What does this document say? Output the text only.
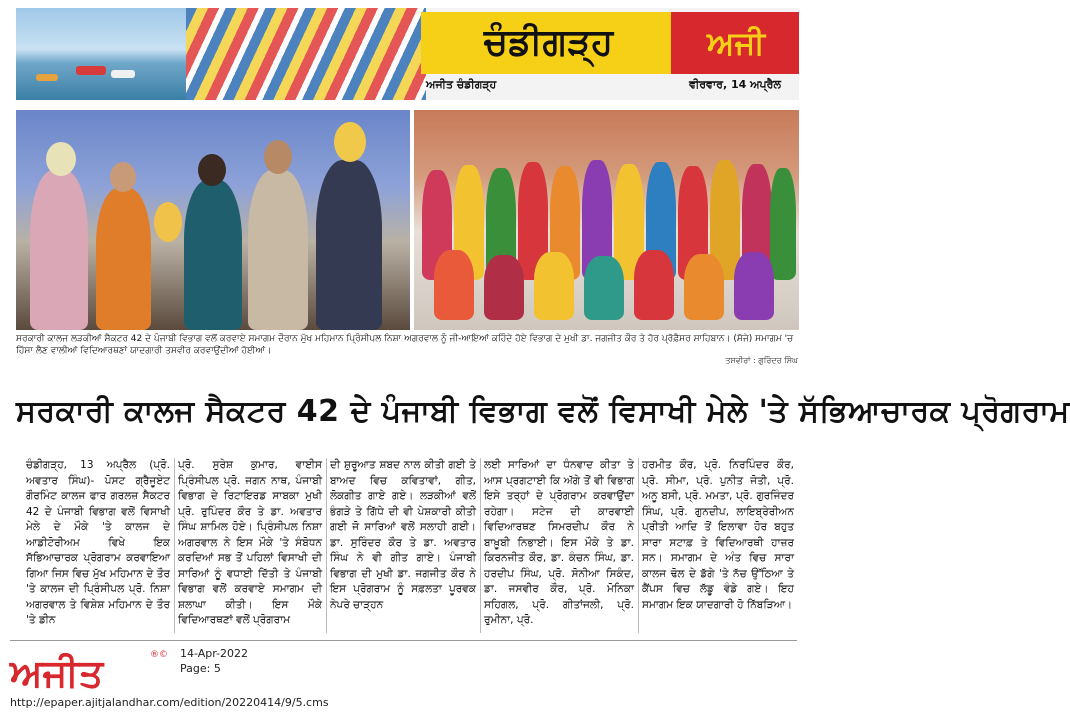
ਚੰਡੀਗੜ੍ਹ
ਅਜੀਤ ਚੰਡੀਗੜ੍ਹ
ਅਜੀ
ਵੀਰਵਾਰ, 14 ਅਪ੍ਰੈਲ
ਸਰਕਾਰੀ ਕਾਲਜ ਲੜਕੀਆਂ ਸੈਕਟਰ 42 ਦੇ ਪੰਜਾਬੀ ਵਿਭਾਗ ਵਲੋਂ ਕਰਵਾਏ ਸਮਾਗਮ ਦੌਰਾਨ ਮੁੱਖ ਮਹਿਮਾਨ ਪ੍ਰਿੰਸੀਪਲ ਨਿਸ਼ਾ ਅਗਰਵਾਲ ਨੂੰ ਜੀ-ਆਇਆਂ ਕਹਿੰਦੇ ਹੋਏ ਵਿਭਾਗ ਦੇ ਮੁਖੀ ਡਾ. ਜਗਜੀਤ ਕੌਰ ਤੇ ਹੋਰ ਪ੍ਰੋਫ਼ੈਸਰ ਸਾਹਿਬਾਨ। (ਸੱਜੇ) ਸਮਾਗਮ 'ਚ ਹਿੱਸਾ ਲੈਣ ਵਾਲੀਆਂ ਵਿਦਿਆਰਥਣਾਂ ਯਾਦਗਾਰੀ ਤਸਵੀਰ ਕਰਵਾਉਂਦੀਆਂ ਹੋਈਆਂ।
ਤਸਵੀਰਾਂ : ਗੁਰਿੰਦਰ ਸਿੰਘ
ਸਰਕਾਰੀ ਕਾਲਜ ਸੈਕਟਰ 42 ਦੇ ਪੰਜਾਬੀ ਵਿਭਾਗ ਵਲੋਂ ਵਿਸਾਖੀ ਮੇਲੇ 'ਤੇ ਸੱਭਿਆਚਾਰਕ ਪ੍ਰੋਗਰਾਮ
ਚੰਡੀਗੜ੍ਹ, 13 ਅਪ੍ਰੈਲ (ਪ੍ਰੋ. ਅਵਤਾਰ ਸਿੰਘ)- ਪੋਸਟ ਗ੍ਰੈਜੂਏਟ ਗੌਰਮਿੰਟ ਕਾਲਜ ਫਾਰ ਗਰਲਜ਼ ਸੈਕਟਰ 42 ਦੇ ਪੰਜਾਬੀ ਵਿਭਾਗ ਵਲੋਂ ਵਿਸਾਖੀ ਮੇਲੇ ਦੇ ਮੌਕੇ 'ਤੇ ਕਾਲਜ ਦੇ ਆਡੀਟੋਰੀਅਮ ਵਿਖੇ ਇਕ ਸੱਭਿਆਚਾਰਕ ਪ੍ਰੋਗਰਾਮ ਕਰਵਾਇਆ ਗਿਆ ਜਿਸ ਵਿਚ ਮੁੱਖ ਮਹਿਮਾਨ ਦੇ ਤੌਰ 'ਤੇ ਕਾਲਜ ਦੀ ਪ੍ਰਿੰਸੀਪਲ ਪ੍ਰੋ. ਨਿਸ਼ਾ ਅਗਰਵਾਲ ਤੇ ਵਿਸ਼ੇਸ਼ ਮਹਿਮਾਨ ਦੇ ਤੌਰ 'ਤੇ ਡੀਨ
ਪ੍ਰੋ. ਸੁਰੇਸ਼ ਕੁਮਾਰ, ਵਾਈਸ ਪ੍ਰਿੰਸੀਪਲ ਪ੍ਰੋ. ਜਗਨ ਨਾਥ, ਪੰਜਾਬੀ ਵਿਭਾਗ ਦੇ ਰਿਟਾਇਰਡ ਸਾਬਕਾ ਮੁਖੀ ਪ੍ਰੋ. ਰੁਪਿੰਦਰ ਕੌਰ ਤੇ ਡਾ. ਅਵਤਾਰ ਸਿੰਘ ਸ਼ਾਮਿਲ ਹੋਏ। ਪ੍ਰਿੰਸੀਪਲ ਨਿਸ਼ਾ ਅਗਰਵਾਲ ਨੇ ਇਸ ਮੌਕੇ 'ਤੇ ਸੰਬੋਧਨ ਕਰਦਿਆਂ ਸਭ ਤੋਂ ਪਹਿਲਾਂ ਵਿਸਾਖੀ ਦੀ ਸਾਰਿਆਂ ਨੂੰ ਵਧਾਈ ਦਿੱਤੀ ਤੇ ਪੰਜਾਬੀ ਵਿਭਾਗ ਵਲੋਂ ਕਰਵਾਏ ਸਮਾਗਮ ਦੀ ਸ਼ਲਾਘਾ ਕੀਤੀ। ਇਸ ਮੌਕੇ ਵਿਦਿਆਰਥਣਾਂ ਵਲੋਂ ਪ੍ਰੋਗਰਾਮ
ਦੀ ਸ਼ੁਰੂਆਤ ਸ਼ਬਦ ਨਾਲ ਕੀਤੀ ਗਈ ਤੇ ਬਾਅਦ ਵਿਚ ਕਵਿਤਾਵਾਂ, ਗੀਤ, ਲੋਕਗੀਤ ਗਾਏ ਗਏ। ਲੜਕੀਆਂ ਵਲੋਂ ਭੰਗੜੇ ਤੇ ਗਿੱਧੇ ਦੀ ਵੀ ਪੇਸ਼ਕਾਰੀ ਕੀਤੀ ਗਈ ਜੋ ਸਾਰਿਆਂ ਵਲੋਂ ਸਲਾਹੀ ਗਈ। ਡਾ. ਸੁਰਿੰਦਰ ਕੌਰ ਤੇ ਡਾ. ਅਵਤਾਰ ਸਿੰਘ ਨੇ ਵੀ ਗੀਤ ਗਾਏ। ਪੰਜਾਬੀ ਵਿਭਾਗ ਦੀ ਮੁਖੀ ਡਾ. ਜਗਜੀਤ ਕੌਰ ਨੇ ਇਸ ਪ੍ਰੋਗਰਾਮ ਨੂੰ ਸਫ਼ਲਤਾ ਪੂਰਵਕ ਨੇਪਰੇ ਚਾੜ੍ਹਨ
ਲਈ ਸਾਰਿਆਂ ਦਾ ਧੰਨਵਾਦ ਕੀਤਾ ਤੇ ਆਸ ਪ੍ਰਗਟਾਈ ਕਿ ਅੱਗੇ ਤੋਂ ਵੀ ਵਿਭਾਗ ਇਸੇ ਤਰ੍ਹਾਂ ਦੇ ਪ੍ਰੋਗਰਾਮ ਕਰਵਾਉਂਦਾ ਰਹੇਗਾ। ਸਟੇਜ ਦੀ ਕਾਰਵਾਈ ਵਿਦਿਆਰਥਣ ਸਿਮਰਦੀਪ ਕੌਰ ਨੇ ਬਾਖ਼ੂਬੀ ਨਿਭਾਈ। ਇਸ ਮੌਕੇ ਤੇ ਡਾ. ਕਿਰਨਜੀਤ ਕੌਰ, ਡਾ. ਕੰਚਨ ਸਿੰਘ, ਡਾ. ਹਰਦੀਪ ਸਿੰਘ, ਪ੍ਰੋ. ਸੋਨੀਆ ਸਿਕੰਦ, ਡਾ. ਜਸਵੀਰ ਕੌਰ, ਪ੍ਰੋ. ਮੋਨਿਕਾ ਸਹਿਗਲ, ਪ੍ਰੋ. ਗੀਤਾਂਜਲੀ, ਪ੍ਰੋ. ਰੁਮੀਨਾ, ਪ੍ਰੋ.
ਹਰਮੀਤ ਕੌਰ, ਪ੍ਰੋ. ਨਿਰਪਿੰਦਰ ਕੌਰ, ਪ੍ਰੋ. ਸੀਮਾ, ਪ੍ਰੋ. ਪੁਨੀਤ ਜੋਤੀ, ਪ੍ਰੋ. ਅਨੂ ਬਸੀ, ਪ੍ਰੋ. ਮਮਤਾ, ਪ੍ਰੋ. ਗੁਰਜਿੰਦਰ ਸਿੰਘ, ਪ੍ਰੋ. ਗੁਨਦੀਪ, ਲਾਇਬ੍ਰੇਰੀਅਨ ਪ੍ਰੀਤੀ ਆਦਿ ਤੋਂ ਇਲਾਵਾ ਹੋਰ ਬਹੁਤ ਸਾਰਾ ਸਟਾਫ਼ ਤੇ ਵਿਦਿਆਰਥੀ ਹਾਜ਼ਰ ਸਨ। ਸਮਾਗਮ ਦੇ ਅੰਤ ਵਿਚ ਸਾਰਾ ਕਾਲਜ ਢੋਲ ਦੇ ਡੱਗੇ 'ਤੇ ਨੱਚ ਉੱਠਿਆ ਤੇ ਕੈਂਪਸ ਵਿਚ ਲੱਡੂ ਵੰਡੇ ਗਏ। ਇਹ ਸਮਾਗਮ ਇਕ ਯਾਦਗਾਰੀ ਹੋ ਨਿੱਬੜਿਆ।
ਅਜੀਤ	®© 14-Apr-2022
Page: 5
http://epaper.ajitjalandhar.com/edition/20220414/9/5.cms
